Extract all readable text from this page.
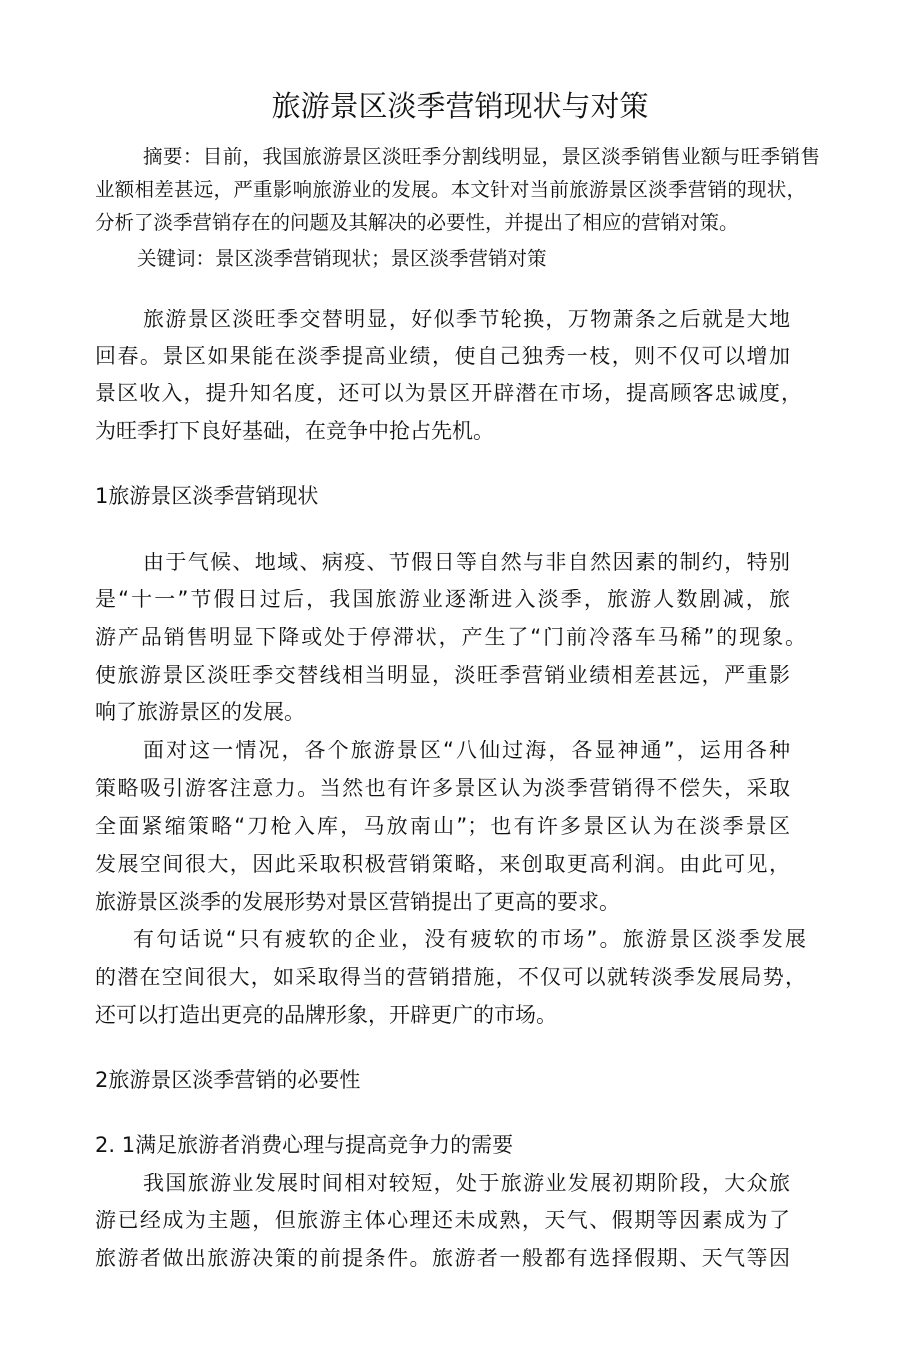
旅游景区淡季营销现状与对策
摘要：目前，我国旅游景区淡旺季分割线明显，景区淡季销售业额与旺季销售
业额相差甚远，严重影响旅游业的发展。本文针对当前旅游景区淡季营销的现状，
分析了淡季营销存在的问题及其解决的必要性，并提出了相应的营销对策。
关键词：景区淡季营销现状；景区淡季营销对策
旅游景区淡旺季交替明显，好似季节轮换，万物萧条之后就是大地
回春。景区如果能在淡季提高业绩，使自己独秀一枝，则不仅可以增加
景区收入，提升知名度，还可以为景区开辟潜在市场，提高顾客忠诚度，
为旺季打下良好基础，在竞争中抢占先机。
1旅游景区淡季营销现状
由于气候、地域、病疫、节假日等自然与非自然因素的制约，特别
是“十一”节假日过后，我国旅游业逐渐进入淡季，旅游人数剧减，旅
游产品销售明显下降或处于停滞状，产生了“门前冷落车马稀”的现象。
使旅游景区淡旺季交替线相当明显，淡旺季营销业绩相差甚远，严重影
响了旅游景区的发展。
面对这一情况，各个旅游景区“八仙过海，各显神通”，运用各种
策略吸引游客注意力。当然也有许多景区认为淡季营销得不偿失，采取
全面紧缩策略“刀枪入库，马放南山”；也有许多景区认为在淡季景区
发展空间很大，因此采取积极营销策略，来创取更高利润。由此可见，
旅游景区淡季的发展形势对景区营销提出了更高的要求。
有句话说“只有疲软的企业，没有疲软的市场”。旅游景区淡季发展
的潜在空间很大，如采取得当的营销措施，不仅可以就转淡季发展局势，
还可以打造出更亮的品牌形象，开辟更广的市场。
2旅游景区淡季营销的必要性
2. 1满足旅游者消费心理与提高竞争力的需要
我国旅游业发展时间相对较短，处于旅游业发展初期阶段，大众旅
游已经成为主题，但旅游主体心理还未成熟，天气、假期等因素成为了
旅游者做出旅游决策的前提条件。旅游者一般都有选择假期、天气等因
